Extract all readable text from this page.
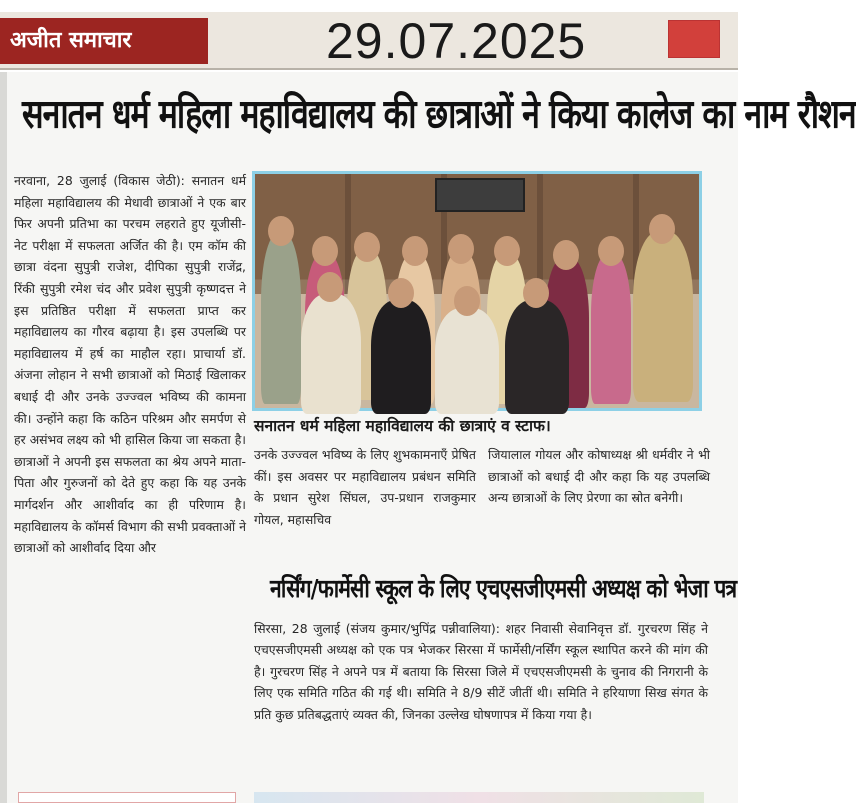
अजीत समाचार	29.07.2025
सनातन धर्म महिला महाविद्यालय की छात्राओं ने किया कालेज का नाम रौशन
नरवाना, 28 जुलाई (विकास जेठी): सनातन धर्म महिला महाविद्यालय की मेधावी छात्राओं ने एक बार फिर अपनी प्रतिभा का परचम लहराते हुए यूजीसी-नेट परीक्षा में सफलता अर्जित की है। एम कॉम की छात्रा वंदना सुपुत्री राजेश, दीपिका सुपुत्री राजेंद्र, रिंकी सुपुत्री रमेश चंद और प्रवेश सुपुत्री कृष्णदत्त ने इस प्रतिष्ठित परीक्षा में सफलता प्राप्त कर महाविद्यालय का गौरव बढ़ाया है। इस उपलब्धि पर महाविद्यालय में हर्ष का माहौल रहा। प्राचार्या डॉ. अंजना लोहान ने सभी छात्राओं को मिठाई खिलाकर बधाई दी और उनके उज्ज्वल भविष्य की कामना की। उन्होंने कहा कि कठिन परिश्रम और समर्पण से हर असंभव लक्ष्य को भी हासिल किया जा सकता है। छात्राओं ने अपनी इस सफलता का श्रेय अपने माता-पिता और गुरुजनों को देते हुए कहा कि यह उनके मार्गदर्शन और आशीर्वाद का ही परिणाम है। महाविद्यालय के कॉमर्स विभाग की सभी प्रवक्ताओं ने छात्राओं को आशीर्वाद दिया और
सनातन धर्म महिला महाविद्यालय की छात्राएं व स्टाफ।
उनके उज्ज्वल भविष्य के लिए शुभकामनाएँ प्रेषित कीं। इस अवसर पर महाविद्यालय प्रबंधन समिति के प्रधान सुरेश सिंघल, उप-प्रधान राजकुमार गोयल, महासचिव
जियालाल गोयल और कोषाध्यक्ष श्री धर्मवीर ने भी छात्राओं को बधाई दी और कहा कि यह उपलब्धि अन्य छात्राओं के लिए प्रेरणा का स्रोत बनेगी।
नर्सिंग/फार्मेसी स्कूल के लिए एचएसजीएमसी अध्यक्ष को भेजा पत्र
सिरसा, 28 जुलाई (संजय कुमार/भुपिंद्र पन्नीवालिया): शहर निवासी सेवानिवृत्त डॉ. गुरचरण सिंह ने एचएसजीएमसी अध्यक्ष को एक पत्र भेजकर सिरसा में फार्मेसी/नर्सिंग स्कूल स्थापित करने की मांग की है। गुरचरण सिंह ने अपने पत्र में बताया कि सिरसा जिले में एचएसजीएमसी के चुनाव की निगरानी के लिए एक समिति गठित की गई थी। समिति ने 8/9 सीटें जीतीं थी। समिति ने हरियाणा सिख संगत के प्रति कुछ प्रतिबद्धताएं व्यक्त की, जिनका उल्लेख घोषणापत्र में किया गया है।
